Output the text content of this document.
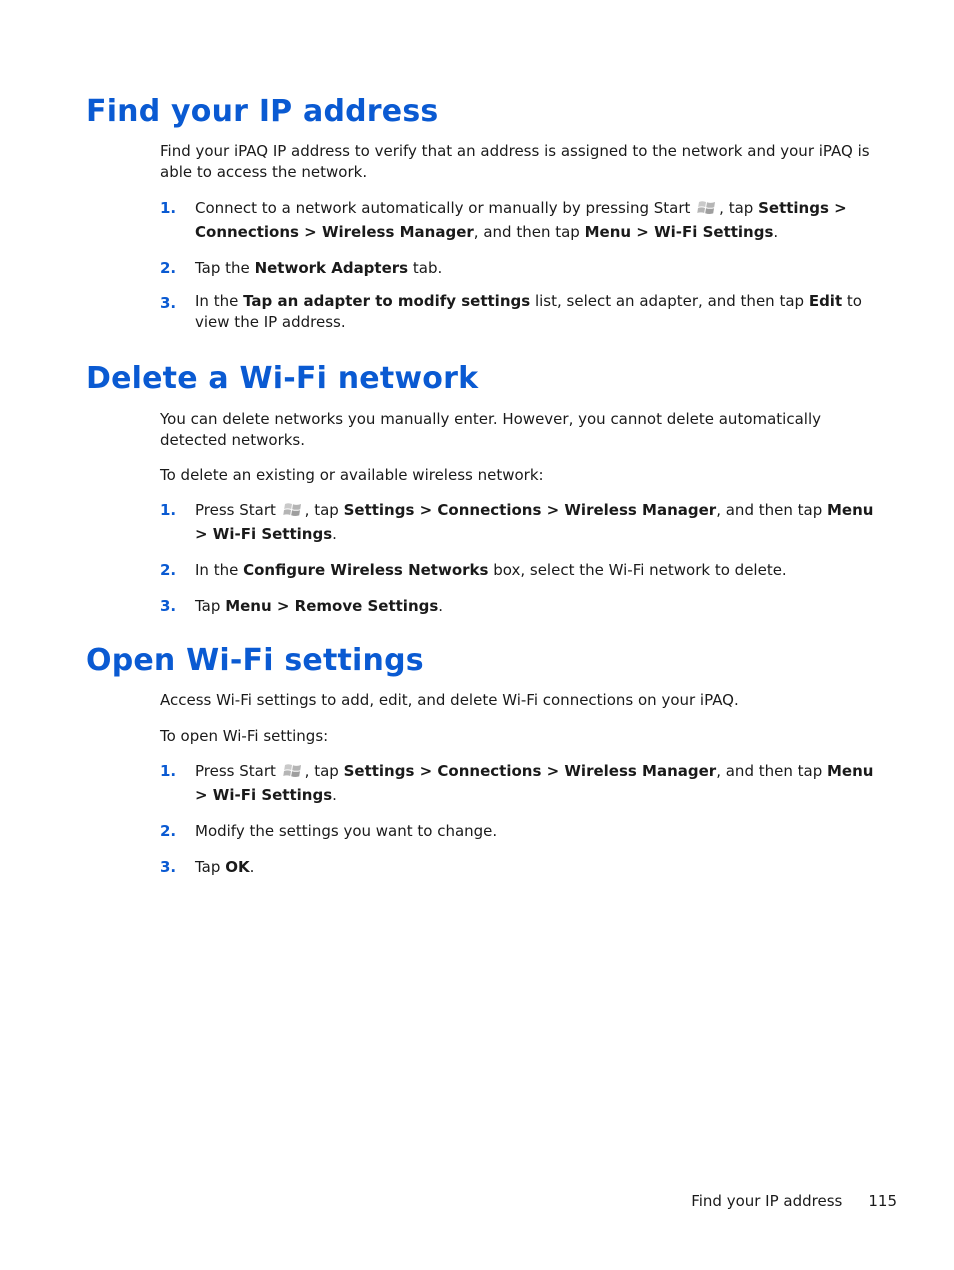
Find your IP address

Find your iPAQ IP address to verify that an address is assigned to the network and your iPAQ is able to access the network.

1. Connect to a network automatically or manually by pressing Start , tap Settings > Connections > Wireless Manager, and then tap Menu > Wi-Fi Settings.
2. Tap the Network Adapters tab.
3. In the Tap an adapter to modify settings list, select an adapter, and then tap Edit to view the IP address.
Delete a Wi-Fi network

You can delete networks you manually enter. However, you cannot delete automatically detected networks.

To delete an existing or available wireless network:

1. Press Start , tap Settings > Connections > Wireless Manager, and then tap Menu > Wi-Fi Settings.
2. In the Configure Wireless Networks box, select the Wi-Fi network to delete.
3. Tap Menu > Remove Settings.
Open Wi-Fi settings

Access Wi-Fi settings to add, edit, and delete Wi-Fi connections on your iPAQ.

To open Wi-Fi settings:

1. Press Start , tap Settings > Connections > Wireless Manager, and then tap Menu > Wi-Fi Settings.
2. Modify the settings you want to change.
3. Tap OK.
Find your IP address 115
